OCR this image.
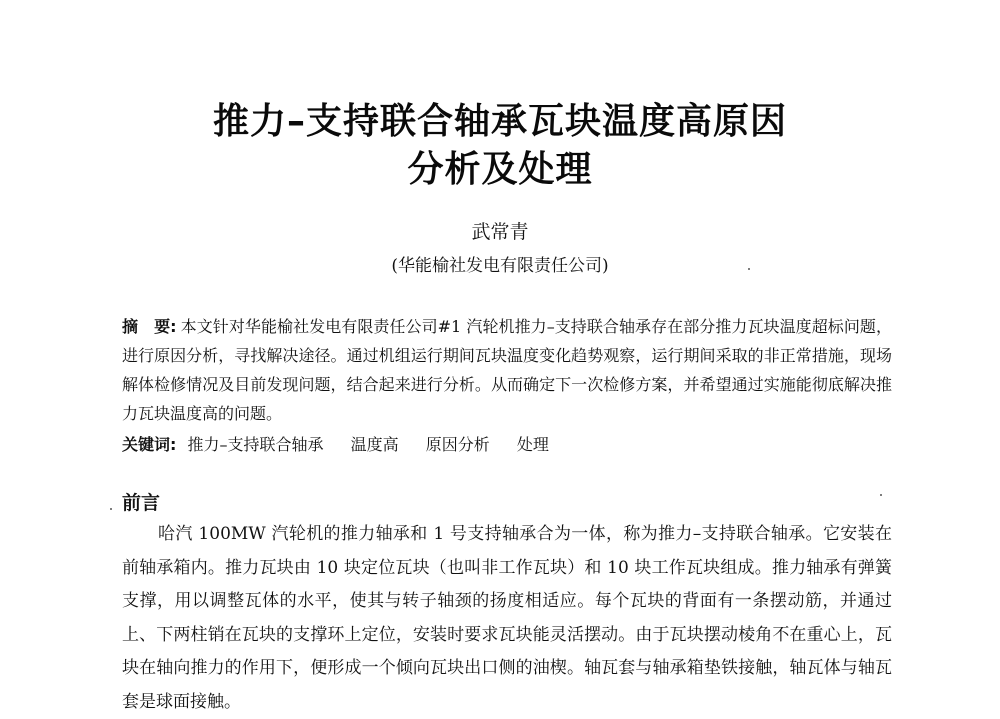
推力–支持联合轴承瓦块温度高原因
分析及处理
武常青
(华能榆社发电有限责任公司)
摘　要: 本文针对华能榆社发电有限责任公司#1 汽轮机推力–支持联合轴承存在部分推力瓦块温度超标问题，进行原因分析，寻找解决途径。通过机组运行期间瓦块温度变化趋势观察，运行期间采取的非正常措施，现场解体检修情况及目前发现问题，结合起来进行分析。从而确定下一次检修方案，并希望通过实施能彻底解决推力瓦块温度高的问题。
关键词: 推力–支持联合轴承 温度高 原因分析 处理
前言
哈汽 100MW 汽轮机的推力轴承和 1 号支持轴承合为一体，称为推力–支持联合轴承。它安装在前轴承箱内。推力瓦块由 10 块定位瓦块（也叫非工作瓦块）和 10 块工作瓦块组成。推力轴承有弹簧支撑，用以调整瓦体的水平，使其与转子轴颈的扬度相适应。每个瓦块的背面有一条摆动筋，并通过上、下两柱销在瓦块的支撑环上定位，安装时要求瓦块能灵活摆动。由于瓦块摆动棱角不在重心上，瓦块在轴向推力的作用下，便形成一个倾向瓦块出口侧的油楔。轴瓦套与轴承箱垫铁接触，轴瓦体与轴瓦套是球面接触。
